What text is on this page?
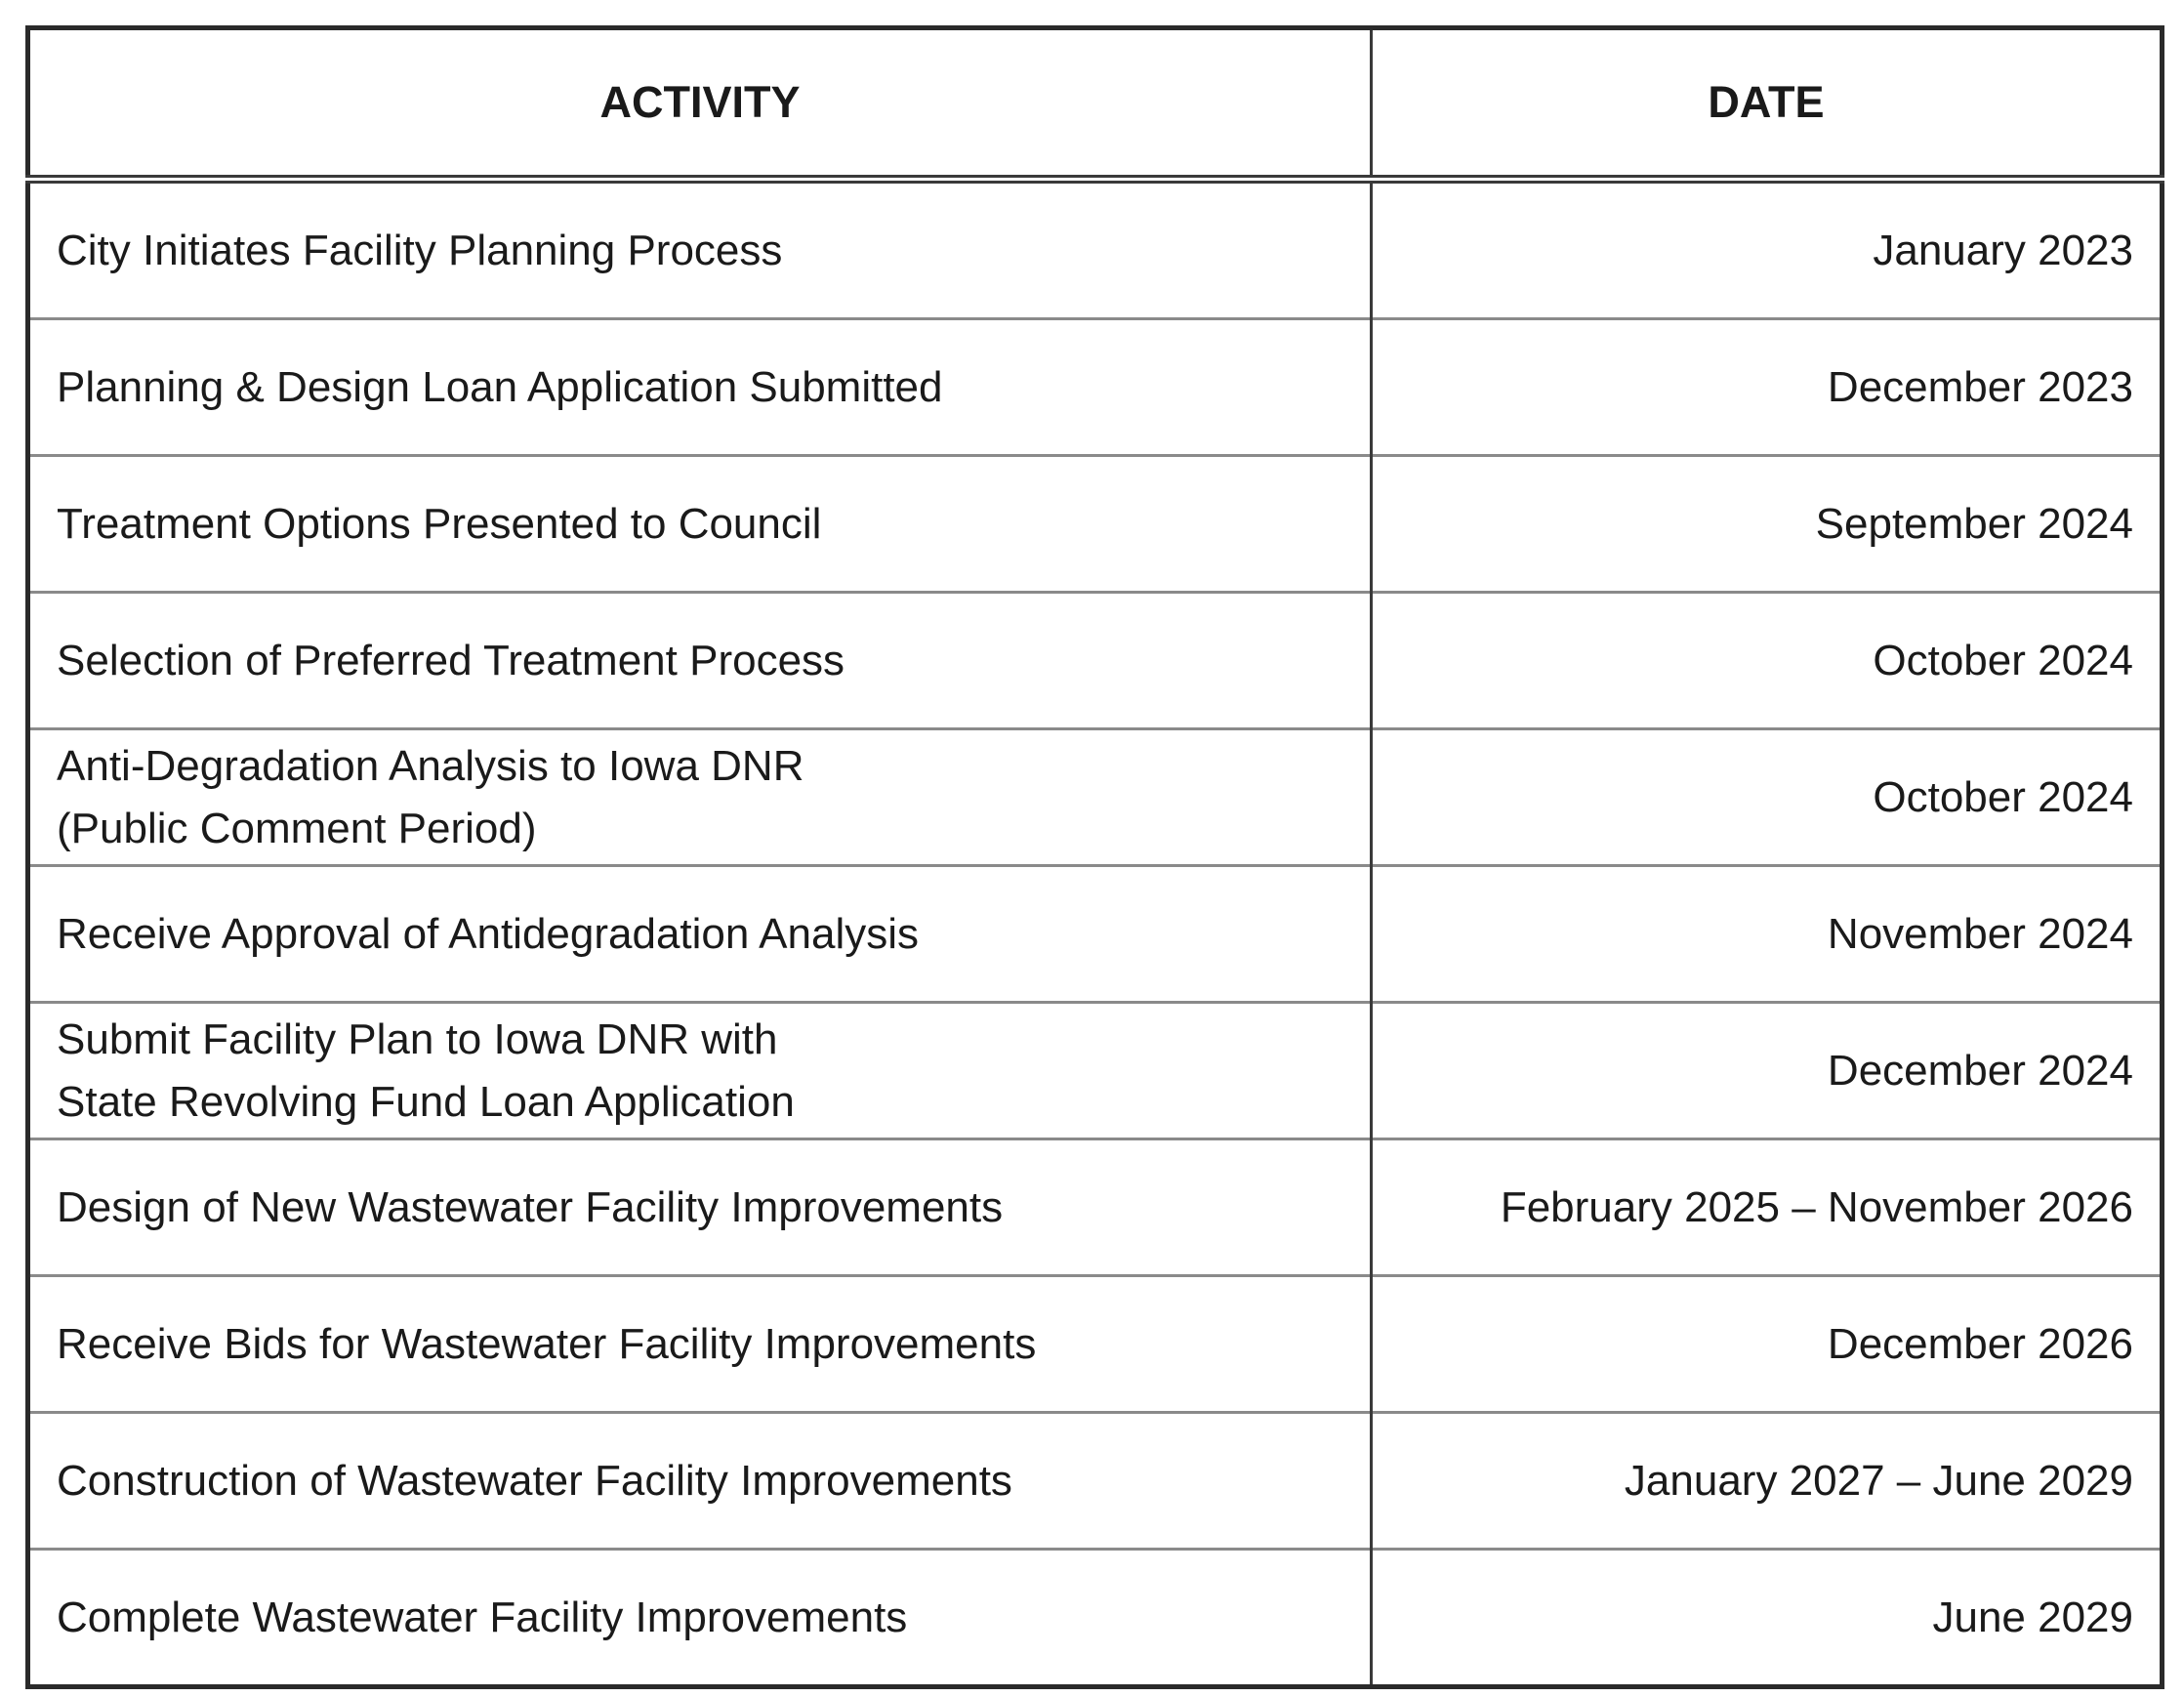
ACTIVITY	DATE

City Initiates Facility Planning Process	January 2023

Planning & Design Loan Application Submitted	December 2023

Treatment Options Presented to Council	September 2024

Selection of Preferred Treatment Process	October 2024

Anti-Degradation Analysis to Iowa DNR
(Public Comment Period)	October 2024

Receive Approval of Antidegradation Analysis	November 2024

Submit Facility Plan to Iowa DNR with
State Revolving Fund Loan Application	December 2024

Design of New Wastewater Facility Improvements	February 2025 – November 2026

Receive Bids for Wastewater Facility Improvements	December 2026

Construction of Wastewater Facility Improvements	January 2027 – June 2029

Complete Wastewater Facility Improvements	June 2029
